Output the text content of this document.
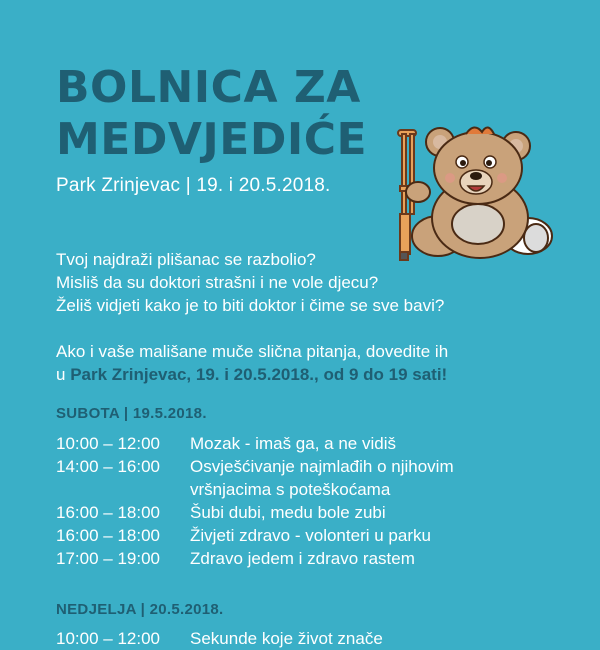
BOLNICA ZA
MEDVJEDIĆE
Park Zrinjevac | 19. i 20.5.2018.

Tvoj najdraži plišanac se razbolio?

Misliš da su doktori strašni i ne vole djecu?

Želiš vidjeti kako je to biti doktor i čime se sve bavi?

Ako i vaše mališane muče slična pitanja, dovedite ih

u Park Zrinjevac, 19. i 20.5.2018., od 9 do 19 sati!

SUBOTA | 19.5.2018.
10:00 – 12:00	Mozak - imaš ga, a ne vidiš
14:00 – 16:00	Osvješćivanje najmlađih o njihovim
vršnjacima s poteškoćama
16:00 – 18:00	Šubi dubi, medu bole zubi
16:00 – 18:00	Živjeti zdravo - volonteri u parku
17:00 – 19:00	Zdravo jedem i zdravo rastem
NEDJELJA | 20.5.2018.
10:00 – 12:00	Sekunde koje život znače
